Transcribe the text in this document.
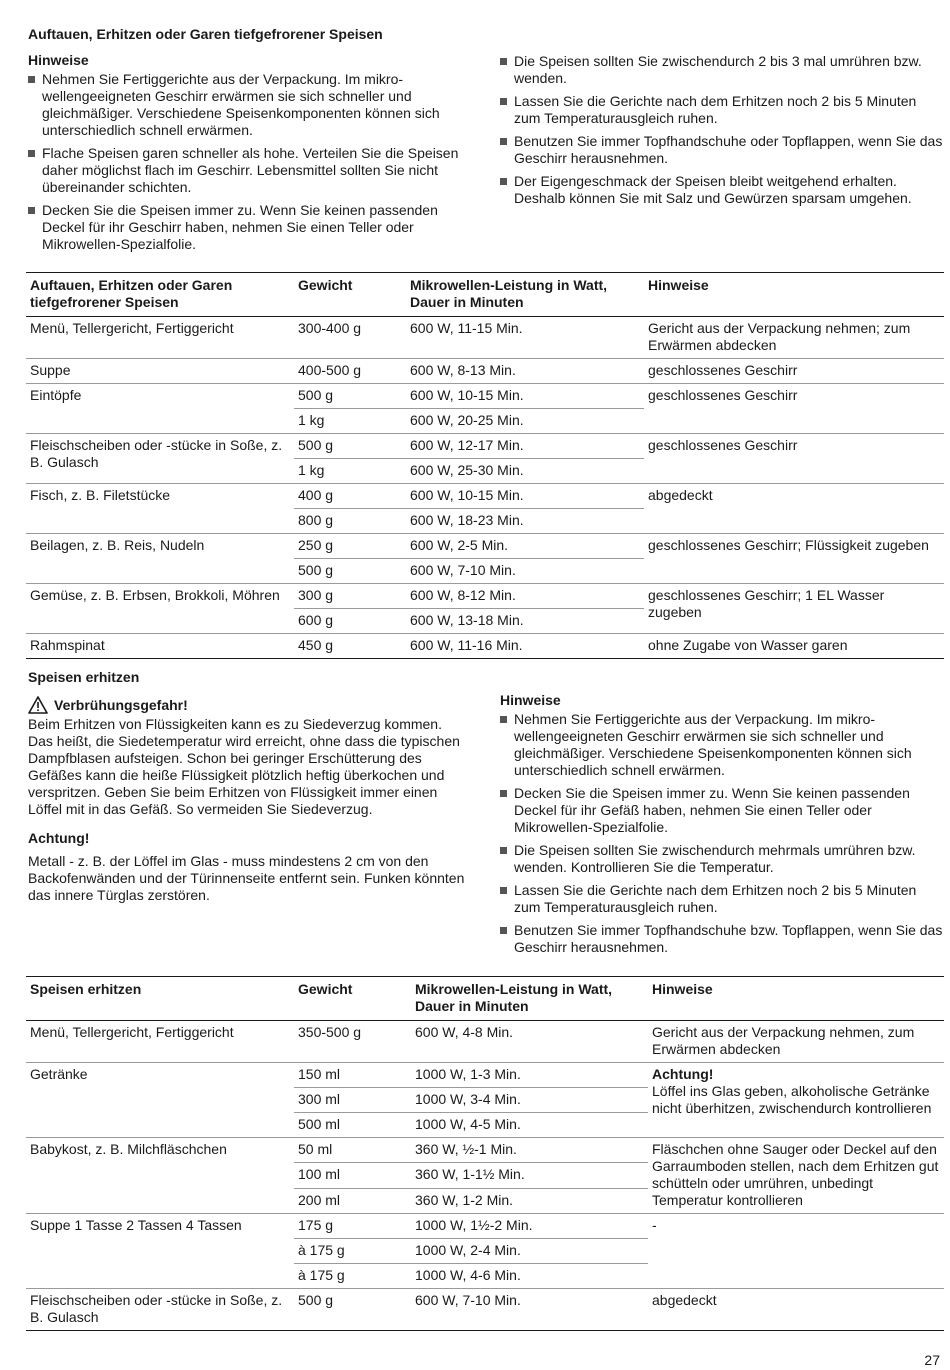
Auftauen, Erhitzen oder Garen tiefgefrorener Speisen
Hinweise
Nehmen Sie Fertiggerichte aus der Verpackung. Im mikrowellengeeigneten Geschirr erwärmen sie sich schneller und gleichmäßiger. Verschiedene Speisenkomponenten können sich unterschiedlich schnell erwärmen.
Flache Speisen garen schneller als hohe. Verteilen Sie die Speisen daher möglichst flach im Geschirr. Lebensmittel sollten Sie nicht übereinander schichten.
Decken Sie die Speisen immer zu. Wenn Sie keinen passenden Deckel für ihr Geschirr haben, nehmen Sie einen Teller oder Mikrowellen-Spezialfolie.
Die Speisen sollten Sie zwischendurch 2 bis 3 mal umrühren bzw. wenden.
Lassen Sie die Gerichte nach dem Erhitzen noch 2 bis 5 Minuten zum Temperaturausgleich ruhen.
Benutzen Sie immer Topfhandschuhe oder Topflappen, wenn Sie das Geschirr herausnehmen.
Der Eigengeschmack der Speisen bleibt weitgehend erhalten. Deshalb können Sie mit Salz und Gewürzen sparsam umgehen.
Auftauen, Erhitzen oder Garen tiefgefrorener Speisen	Gewicht	Mikrowellen-Leistung in Watt, Dauer in Minuten	Hinweise
Menü, Tellergericht, Fertiggericht	300-400 g	600 W, 11-15 Min.	Gericht aus der Verpackung nehmen; zum Erwärmen abdecken
Suppe	400-500 g	600 W, 8-13 Min.	geschlossenes Geschirr
Eintöpfe	500 g	600 W, 10-15 Min.	geschlossenes Geschirr
	1 kg	600 W, 20-25 Min.	
Fleischscheiben oder -stücke in Soße, z. B. Gulasch	500 g	600 W, 12-17 Min.	geschlossenes Geschirr
	1 kg	600 W, 25-30 Min.	
Fisch, z. B. Filetstücke	400 g	600 W, 10-15 Min.	abgedeckt
	800 g	600 W, 18-23 Min.	
Beilagen, z. B. Reis, Nudeln	250 g	600 W, 2-5 Min.	geschlossenes Geschirr; Flüssigkeit zugeben
	500 g	600 W, 7-10 Min.	
Gemüse, z. B. Erbsen, Brokkoli, Möhren	300 g	600 W, 8-12 Min.	geschlossenes Geschirr; 1 EL Wasser zugeben
	600 g	600 W, 13-18 Min.	
Rahmspinat	450 g	600 W, 11-16 Min.	ohne Zugabe von Wasser garen
Speisen erhitzen
Verbrühungsgefahr!

Beim Erhitzen von Flüssigkeiten kann es zu Siedeverzug kommen. Das heißt, die Siedetemperatur wird erreicht, ohne dass die typischen Dampfblasen aufsteigen. Schon bei geringer Erschütterung des Gefäßes kann die heiße Flüssigkeit plötzlich heftig überkochen und verspritzen. Geben Sie beim Erhitzen von Flüssigkeit immer einen Löffel mit in das Gefäß. So vermeiden Sie Siedeverzug.

Achtung!

Metall - z. B. der Löffel im Glas - muss mindestens 2 cm von den Backofenwänden und der Türinnenseite entfernt sein. Funken könnten das innere Türglas zerstören.

Hinweise
Nehmen Sie Fertiggerichte aus der Verpackung. Im mikrowellengeeigneten Geschirr erwärmen sie sich schneller und gleichmäßiger. Verschiedene Speisenkomponenten können sich unterschiedlich schnell erwärmen.
Decken Sie die Speisen immer zu. Wenn Sie keinen passenden Deckel für ihr Gefäß haben, nehmen Sie einen Teller oder Mikrowellen-Spezialfolie.
Die Speisen sollten Sie zwischendurch mehrmals umrühren bzw. wenden. Kontrollieren Sie die Temperatur.
Lassen Sie die Gerichte nach dem Erhitzen noch 2 bis 5 Minuten zum Temperaturausgleich ruhen.
Benutzen Sie immer Topfhandschuhe bzw. Topflappen, wenn Sie das Geschirr herausnehmen.
Speisen erhitzen	Gewicht	Mikrowellen-Leistung in Watt, Dauer in Minuten	Hinweise
Menü, Tellergericht, Fertiggericht	350-500 g	600 W, 4-8 Min.	Gericht aus der Verpackung nehmen, zum Erwärmen abdecken
Getränke	150 ml	1000 W, 1-3 Min.	Achtung!
Löffel ins Glas geben, alkoholische Getränke nicht überhitzen, zwischendurch kontrollieren

	300 ml	1000 W, 3-4 Min.	
	500 ml	1000 W, 4-5 Min.	
Babykost, z. B. Milchfläschchen	50 ml	360 W, ½-1 Min.	Fläschchen ohne Sauger oder Deckel auf den Garraumboden stellen, nach dem Erhitzen gut schütteln oder umrühren, unbedingt Temperatur kontrollieren
	100 ml	360 W, 1-1½ Min.	
	200 ml	360 W, 1-2 Min.	
Suppe 1 Tasse 2 Tassen 4 Tassen	175 g	1000 W, 1½-2 Min.	-
	à 175 g	1000 W, 2-4 Min.	
	à 175 g	1000 W, 4-6 Min.	
Fleischscheiben oder -stücke in Soße, z. B. Gulasch	500 g	600 W, 7-10 Min.	abgedeckt
27
